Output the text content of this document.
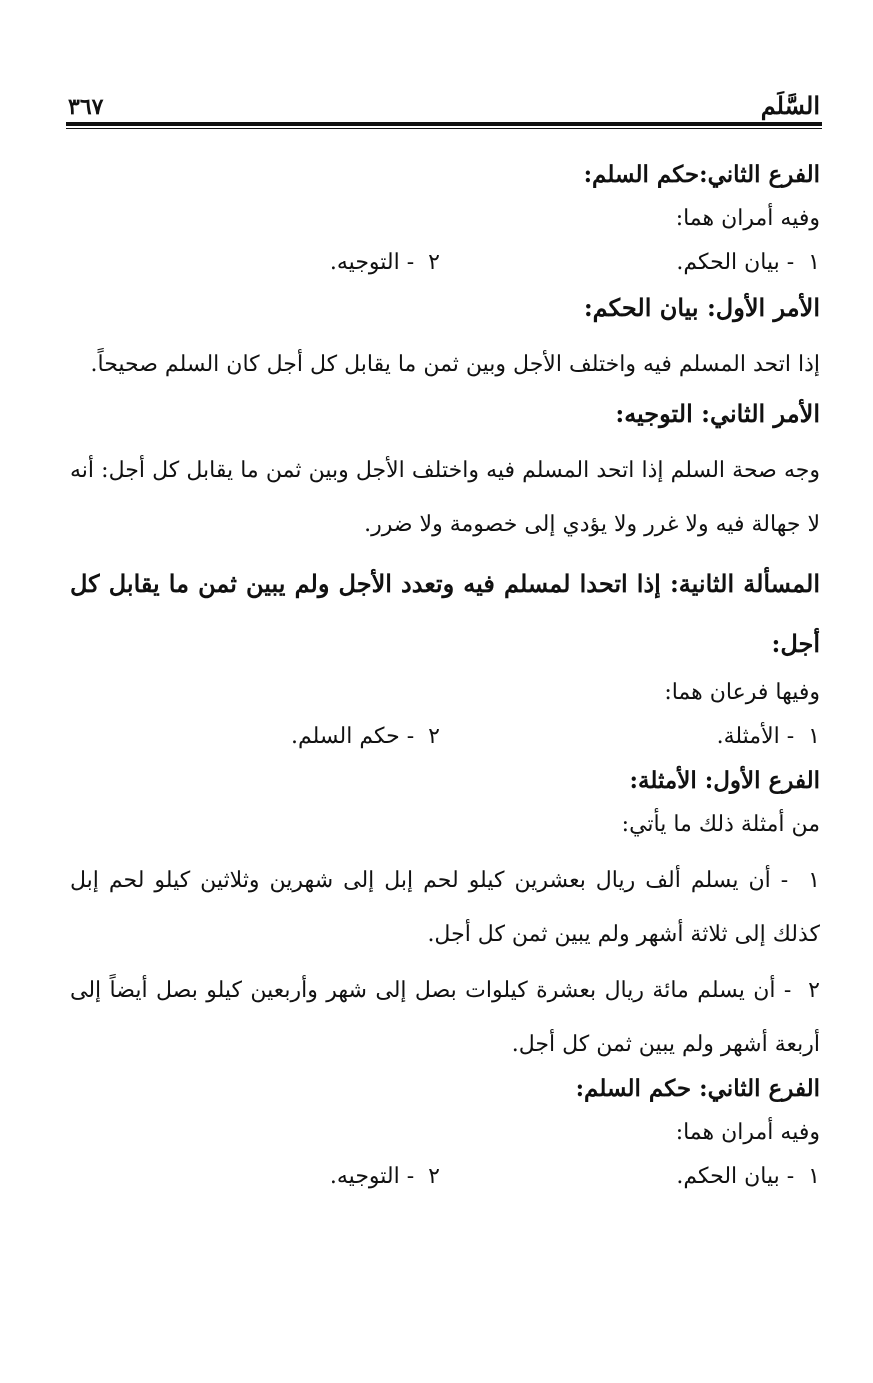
السَّلَم
٣٦٧
الفرع الثاني:حكم السلم:
وفيه أمران هما:
١- بيان الحكم.
٢- التوجيه.
الأمر الأول: بيان الحكم:
إذا اتحد المسلم فيه واختلف الأجل وبين ثمن ما يقابل كل أجل كان السلم صحيحاً.
الأمر الثاني: التوجيه:
وجه صحة السلم إذا اتحد المسلم فيه واختلف الأجل وبين ثمن ما يقابل كل أجل: أنه لا جهالة فيه ولا غرر ولا يؤدي إلى خصومة ولا ضرر.
المسألة الثانية: إذا اتحدا لمسلم فيه وتعدد الأجل ولم يبين ثمن ما يقابل كل أجل:
وفيها فرعان هما:
١- الأمثلة.
٢- حكم السلم.
الفرع الأول: الأمثلة:
من أمثلة ذلك ما يأتي:
١  - أن يسلم ألف ريال بعشرين كيلو لحم إبل إلى شهرين وثلاثين كيلو لحم إبل كذلك إلى ثلاثة أشهر ولم يبين ثمن كل أجل.
٢  - أن يسلم مائة ريال بعشرة كيلوات بصل إلى شهر وأربعين كيلو بصل أيضاً إلى أربعة أشهر ولم يبين ثمن كل أجل.
الفرع الثاني: حكم السلم:
وفيه أمران هما:
١- بيان الحكم.
٢- التوجيه.
